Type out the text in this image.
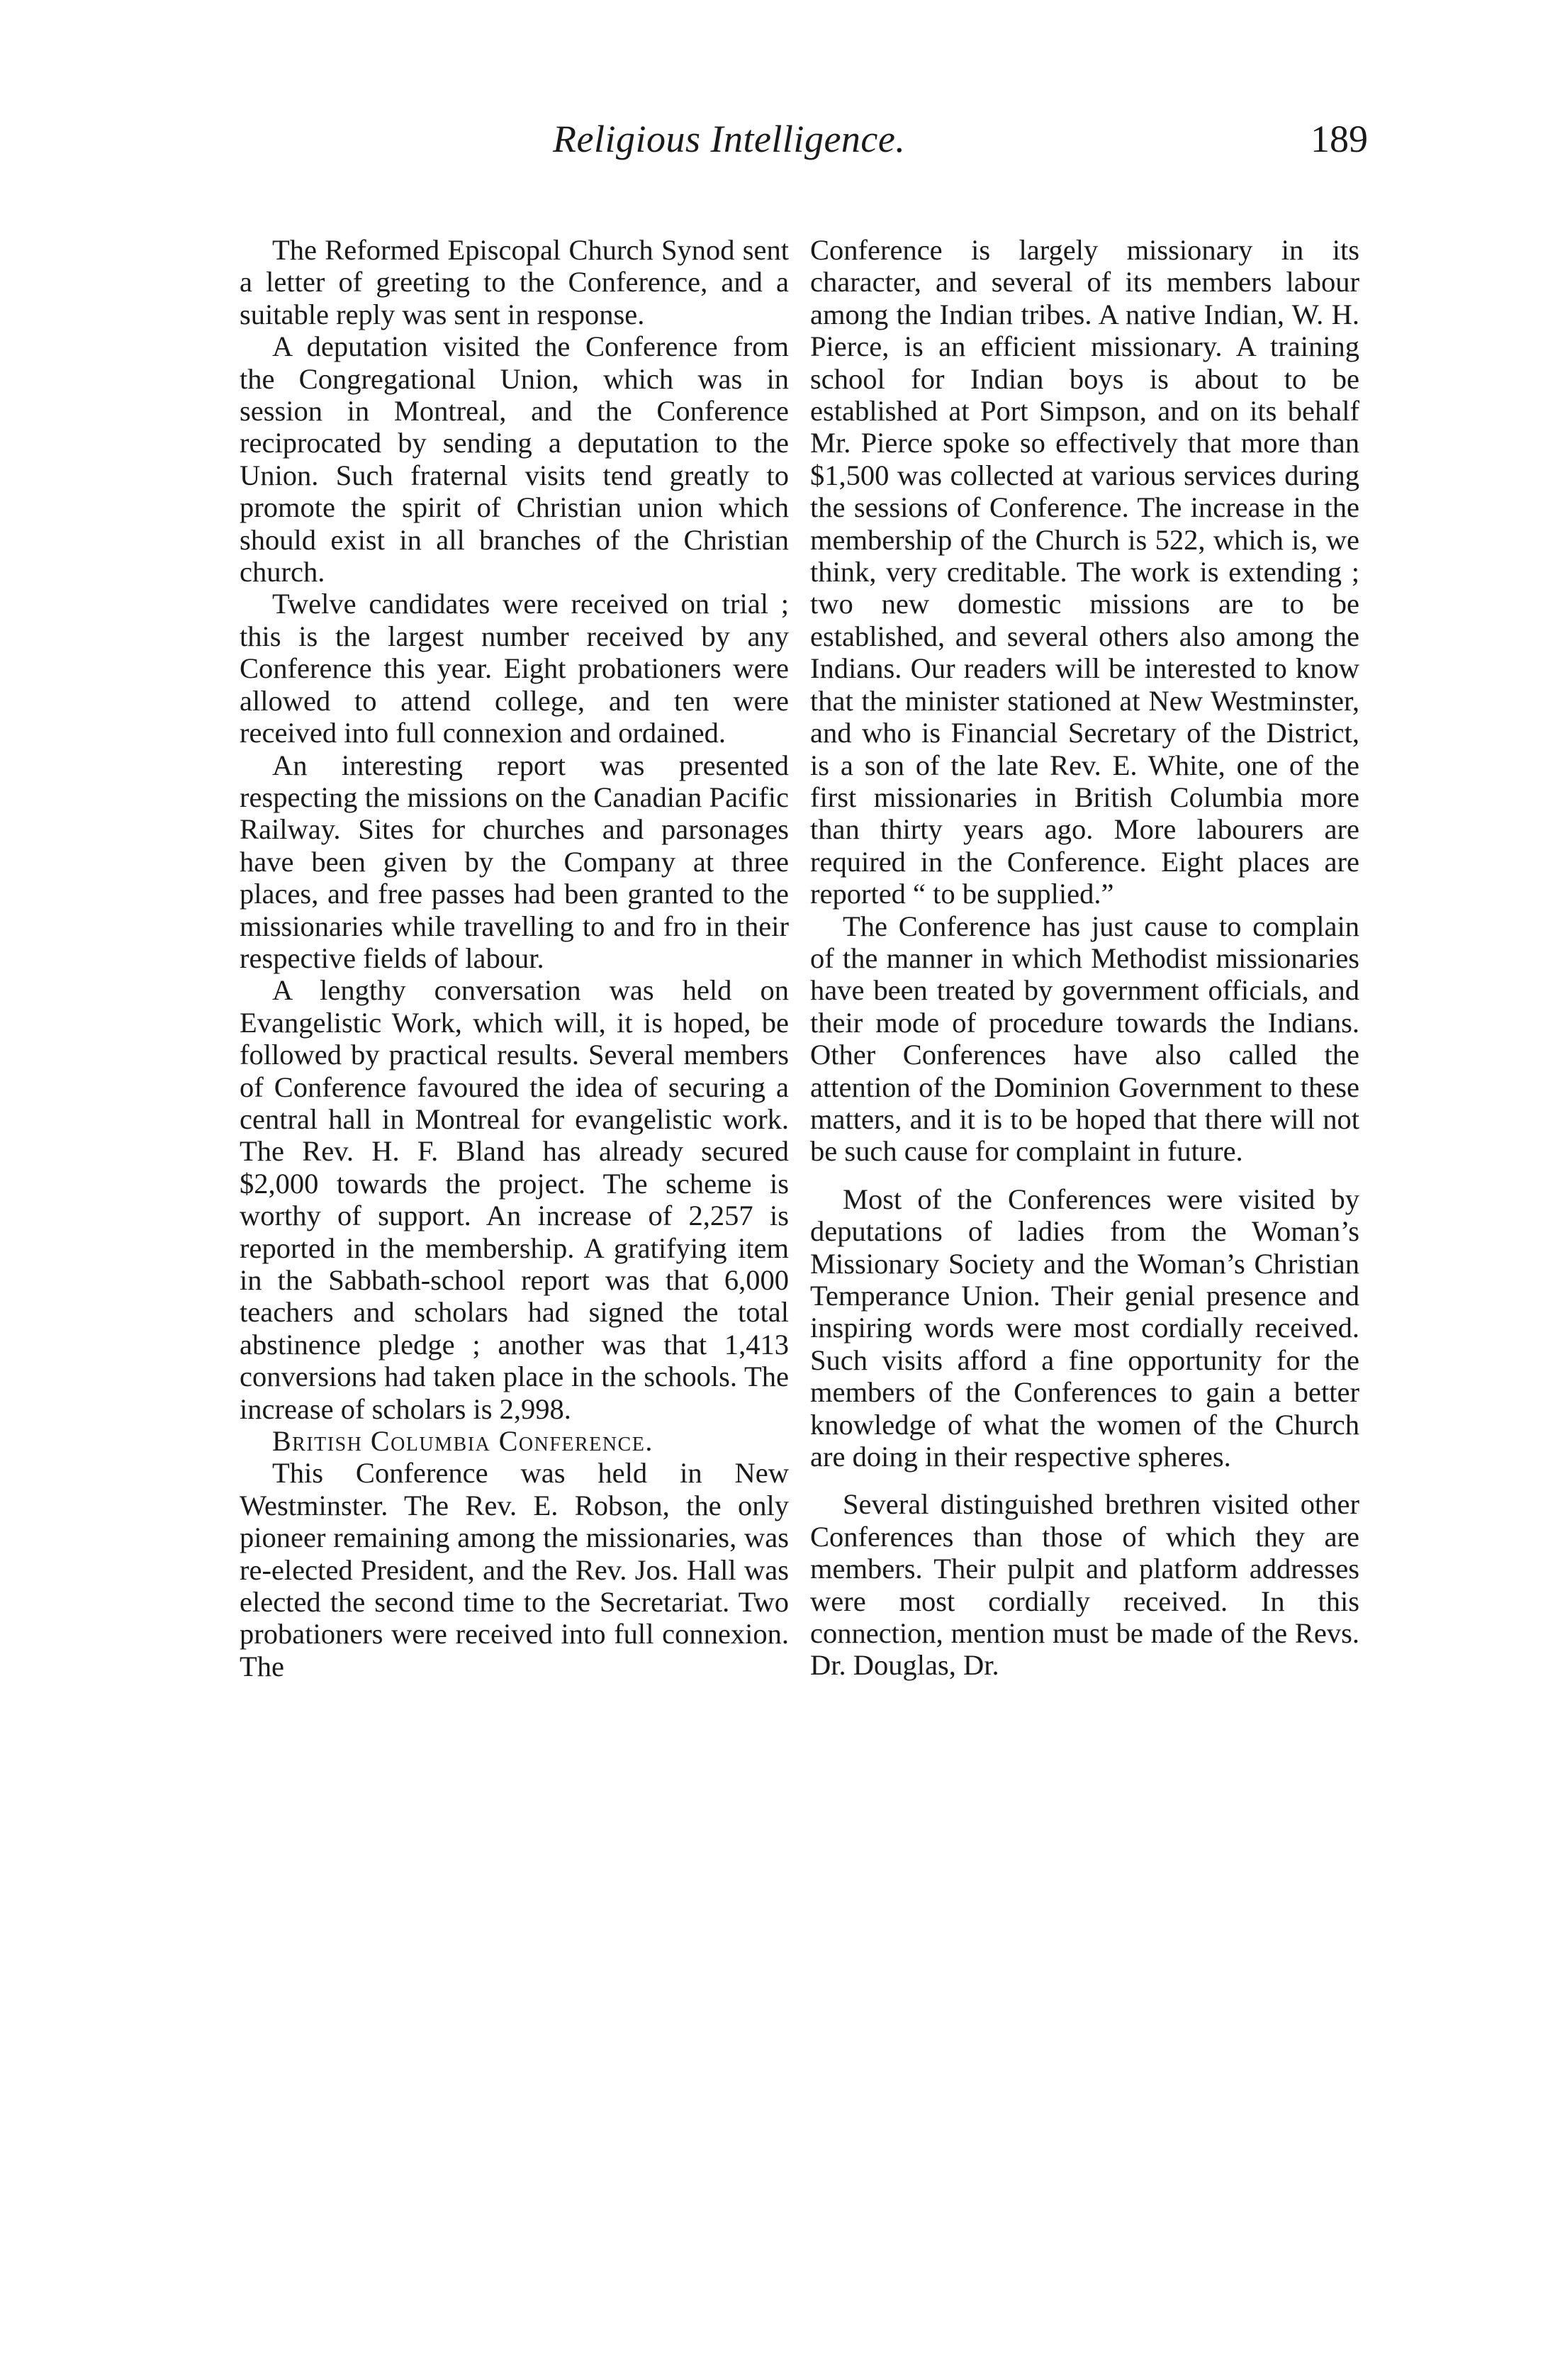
Religious Intelligence.	189

The Reformed Episcopal Church Synod sent a letter of greeting to the Conference, and a suitable reply was sent in response.

A deputation visited the Conference from the Congregational Union, which was in session in Montreal, and the Conference reciprocated by sending a deputation to the Union. Such fraternal visits tend greatly to promote the spirit of Christian union which should exist in all branches of the Christian church.

Twelve candidates were received on trial ; this is the largest number received by any Conference this year. Eight probationers were allowed to attend college, and ten were received into full connexion and ordained.

An interesting report was presented respecting the missions on the Canadian Pacific Railway. Sites for churches and parsonages have been given by the Company at three places, and free passes had been granted to the missionaries while travelling to and fro in their respective fields of labour.

A lengthy conversation was held on Evangelistic Work, which will, it is hoped, be followed by practical results. Several members of Conference favoured the idea of securing a central hall in Montreal for evangelistic work. The Rev. H. F. Bland has already secured $2,000 towards the project. The scheme is worthy of support. An increase of 2,257 is reported in the membership. A gratifying item in the Sabbath-school report was that 6,000 teachers and scholars had signed the total abstinence pledge ; another was that 1,413 conversions had taken place in the schools. The increase of scholars is 2,998.

British Columbia Conference.

This Conference was held in New Westminster. The Rev. E. Robson, the only pioneer remaining among the missionaries, was re-elected President, and the Rev. Jos. Hall was elected the second time to the Secretariat. Two probationers were received into full connexion. The

Conference is largely missionary in its character, and several of its members labour among the Indian tribes. A native Indian, W. H. Pierce, is an efficient missionary. A training school for Indian boys is about to be established at Port Simpson, and on its behalf Mr. Pierce spoke so effectively that more than $1,500 was collected at various services during the sessions of Conference. The increase in the membership of the Church is 522, which is, we think, very creditable. The work is extending ; two new domestic missions are to be established, and several others also among the Indians. Our readers will be interested to know that the minister stationed at New Westminster, and who is Financial Secretary of the District, is a son of the late Rev. E. White, one of the first missionaries in British Columbia more than thirty years ago. More labourers are required in the Conference. Eight places are reported “ to be supplied.”

The Conference has just cause to complain of the manner in which Methodist missionaries have been treated by government officials, and their mode of procedure towards the Indians. Other Conferences have also called the attention of the Dominion Government to these matters, and it is to be hoped that there will not be such cause for complaint in future.

Most of the Conferences were visited by deputations of ladies from the Woman’s Missionary Society and the Woman’s Christian Temperance Union. Their genial presence and inspiring words were most cordially received. Such visits afford a fine opportunity for the members of the Conferences to gain a better knowledge of what the women of the Church are doing in their respective spheres.

Several distinguished brethren visited other Conferences than those of which they are members. Their pulpit and platform addresses were most cordially received. In this connection, mention must be made of the Revs. Dr. Douglas, Dr.
